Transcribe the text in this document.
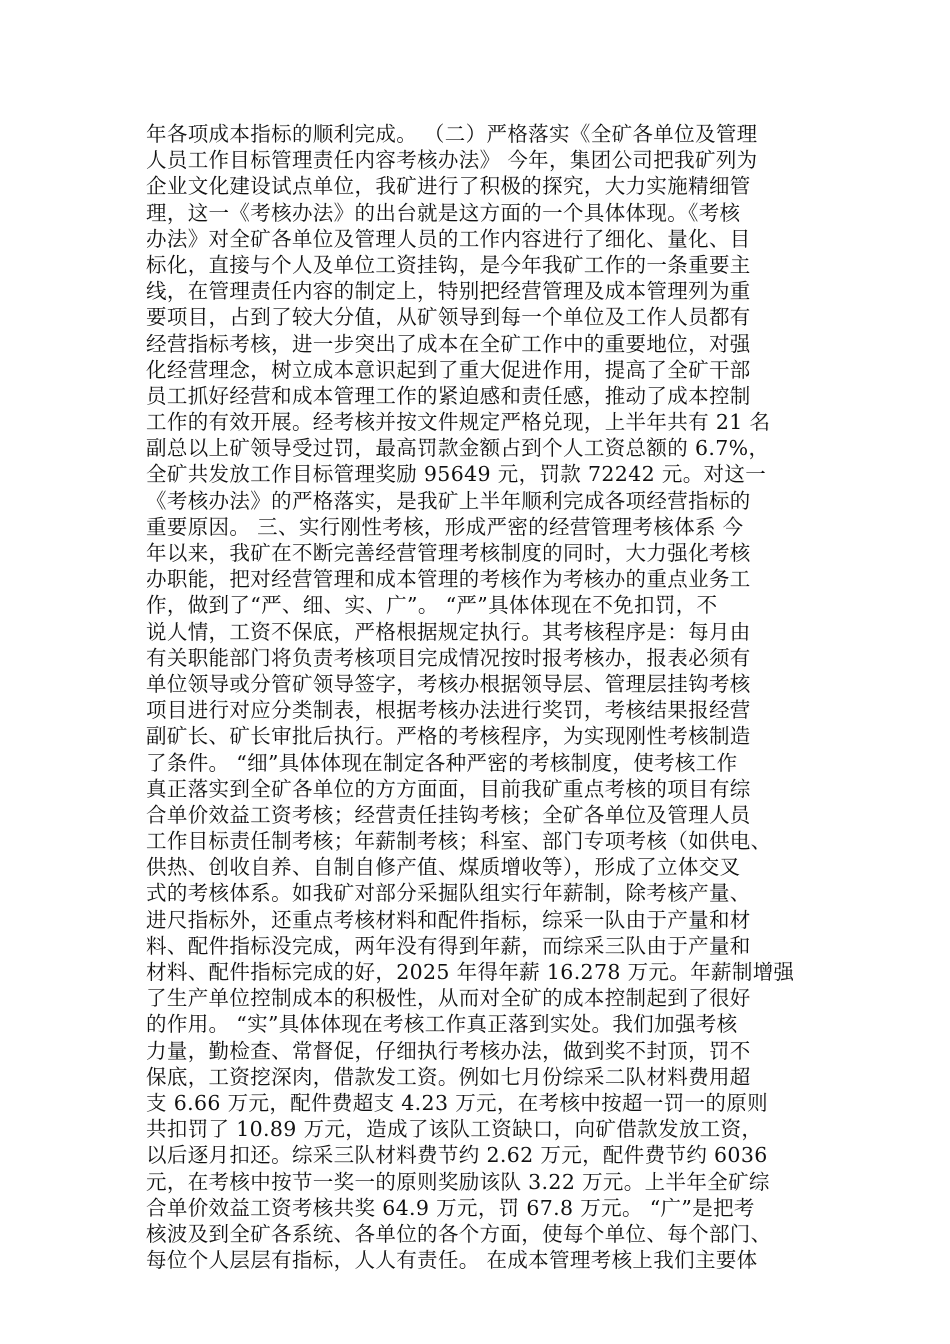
年各项成本指标的顺利完成。 （二）严格落实《全矿各单位及管理
人员工作目标管理责任内容考核办法》 今年，集团公司把我矿列为
企业文化建设试点单位，我矿进行了积极的探究，大力实施精细管
理，这一《考核办法》的出台就是这方面的一个具体体现。《考核
办法》对全矿各单位及管理人员的工作内容进行了细化、量化、目
标化，直接与个人及单位工资挂钩，是今年我矿工作的一条重要主
线，在管理责任内容的制定上，特别把经营管理及成本管理列为重
要项目，占到了较大分值，从矿领导到每一个单位及工作人员都有
经营指标考核，进一步突出了成本在全矿工作中的重要地位，对强
化经营理念，树立成本意识起到了重大促进作用，提高了全矿干部
员工抓好经营和成本管理工作的紧迫感和责任感，推动了成本控制
工作的有效开展。经考核并按文件规定严格兑现，上半年共有 21 名
副总以上矿领导受过罚，最高罚款金额占到个人工资总额的 6.7%，
全矿共发放工作目标管理奖励 95649 元，罚款 72242 元。对这一
《考核办法》的严格落实，是我矿上半年顺利完成各项经营指标的
重要原因。 三、实行刚性考核，形成严密的经营管理考核体系 今
年以来，我矿在不断完善经营管理考核制度的同时，大力强化考核
办职能，把对经营管理和成本管理的考核作为考核办的重点业务工
作，做到了“严、细、实、广”。 “严”具体体现在不免扣罚，不
说人情，工资不保底，严格根据规定执行。其考核程序是：每月由
有关职能部门将负责考核项目完成情况按时报考核办，报表必须有
单位领导或分管矿领导签字，考核办根据领导层、管理层挂钩考核
项目进行对应分类制表，根据考核办法进行奖罚，考核结果报经营
副矿长、矿长审批后执行。严格的考核程序，为实现刚性考核制造
了条件。 “细”具体体现在制定各种严密的考核制度，使考核工作
真正落实到全矿各单位的方方面面，目前我矿重点考核的项目有综
合单价效益工资考核；经营责任挂钩考核；全矿各单位及管理人员
工作目标责任制考核；年薪制考核；科室、部门专项考核（如供电、
供热、创收自养、自制自修产值、煤质增收等），形成了立体交叉
式的考核体系。如我矿对部分采掘队组实行年薪制，除考核产量、
进尺指标外，还重点考核材料和配件指标，综采一队由于产量和材
料、配件指标没完成，两年没有得到年薪，而综采三队由于产量和
材料、配件指标完成的好，2025 年得年薪 16.278 万元。年薪制增强
了生产单位控制成本的积极性，从而对全矿的成本控制起到了很好
的作用。 “实”具体体现在考核工作真正落到实处。我们加强考核
力量，勤检查、常督促，仔细执行考核办法，做到奖不封顶，罚不
保底，工资挖深肉，借款发工资。例如七月份综采二队材料费用超
支 6.66 万元，配件费超支 4.23 万元，在考核中按超一罚一的原则
共扣罚了 10.89 万元，造成了该队工资缺口，向矿借款发放工资，
以后逐月扣还。综采三队材料费节约 2.62 万元，配件费节约 6036
元，在考核中按节一奖一的原则奖励该队 3.22 万元。上半年全矿综
合单价效益工资考核共奖 64.9 万元，罚 67.8 万元。 “广”是把考
核波及到全矿各系统、各单位的各个方面，使每个单位、每个部门、
每位个人层层有指标，人人有责任。 在成本管理考核上我们主要体
